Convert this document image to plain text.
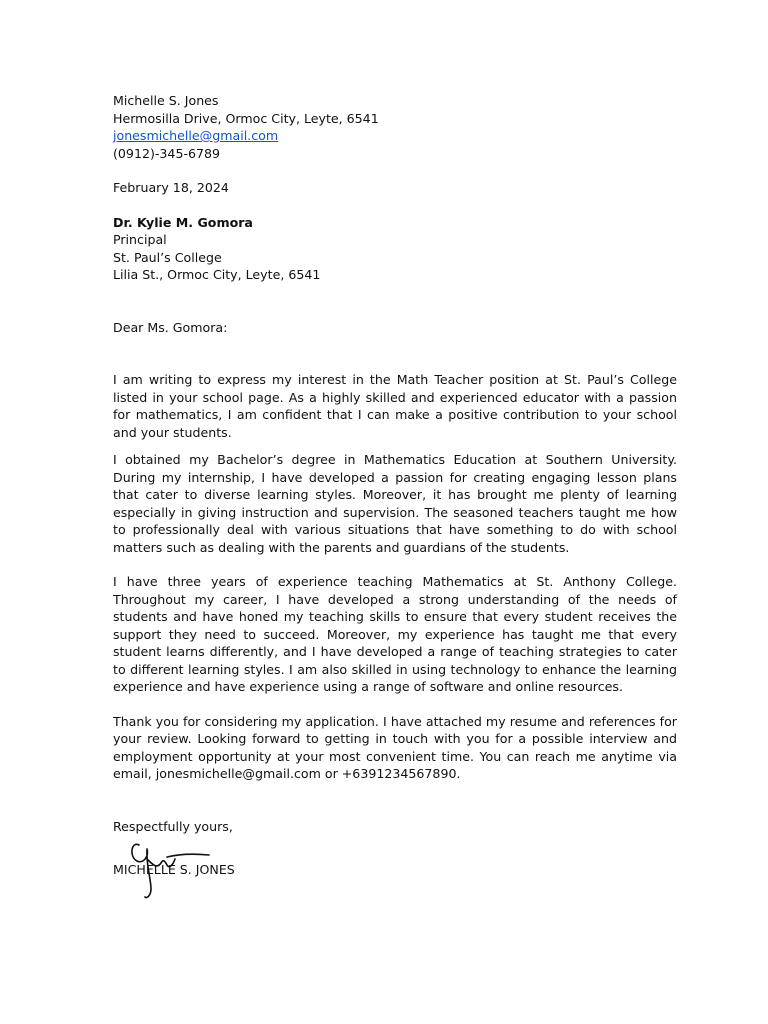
Michelle S. Jones
Hermosilla Drive, Ormoc City, Leyte, 6541
jonesmichelle@gmail.com
(0912)-345-6789
February 18, 2024
Dr. Kylie M. Gomora
Principal
St. Paul’s College
Lilia St., Ormoc City, Leyte, 6541
Dear Ms. Gomora:
I am writing to express my interest in the Math Teacher position at St. Paul’s College listed in your school page. As a highly skilled and experienced educator with a passion for mathematics, I am confident that I can make a positive contribution to your school and your students.
I obtained my Bachelor’s degree in Mathematics Education at Southern University. During my internship, I have developed a passion for creating engaging lesson plans that cater to diverse learning styles. Moreover, it has brought me plenty of learning especially in giving instruction and supervision. The seasoned teachers taught me how to professionally deal with various situations that have something to do with school matters such as dealing with the parents and guardians of the students.
I have three years of experience teaching Mathematics at St. Anthony College. Throughout my career, I have developed a strong understanding of the needs of students and have honed my teaching skills to ensure that every student receives the support they need to succeed. Moreover, my experience has taught me that every student learns differently, and I have developed a range of teaching strategies to cater to different learning styles. I am also skilled in using technology to enhance the learning experience and have experience using a range of software and online resources.
Thank you for considering my application. I have attached my resume and references for your review. Looking forward to getting in touch with you for a possible interview and employment opportunity at your most convenient time. You can reach me anytime via email, jonesmichelle@gmail.com or +6391234567890.
Respectfully yours,
MICHELLE S. JONES
